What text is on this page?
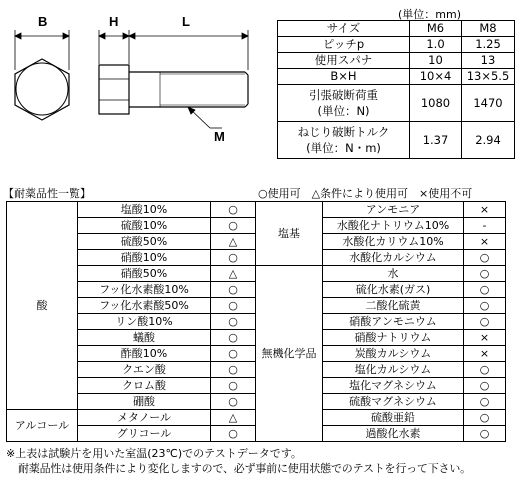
B	H	L
M
(単位：mm)
サイズ	M6	M8
ピッチp	1.0	1.25
使用スパナ	10	13
B×H	10×4	13×5.5

引張破断荷重
(単位：N)	1080	1470

ねじり破断トルク
(単位：N・m)	1.37	2.94
【耐薬品性一覧】	○使用可　△条件により使用可　×使用不可
酸	塩酸10%	○	塩基	アンモニア	×
	硫酸10%	○		水酸化ナトリウム10%	-
	硫酸50%	△		水酸化カリウム10%	×
	硝酸10%	○		水酸化カルシウム	○
	硝酸50%	△	無機化学品	水	○
	フッ化水素酸10%	○		硫化水素(ガス)	○
	フッ化水素酸50%	○		二酸化硫黄	○
	リン酸10%	○		硝酸アンモニウム	○
	蟻酸	○		硝酸ナトリウム	×
	酢酸10%	○		炭酸カルシウム	×
	クエン酸	○		塩化カルシウム	○
	クロム酸	○		塩化マグネシウム	○
	硼酸	○		硫酸マグネシウム	○
アルコール	メタノール	△		硫酸亜鉛	○
	グリコール	○		過酸化水素	○
※上表は試験片を用いた室温(23℃)でのテストデータです。
耐薬品性は使用条件により変化しますので、必ず事前に使用状態でのテストを行って下さい。
